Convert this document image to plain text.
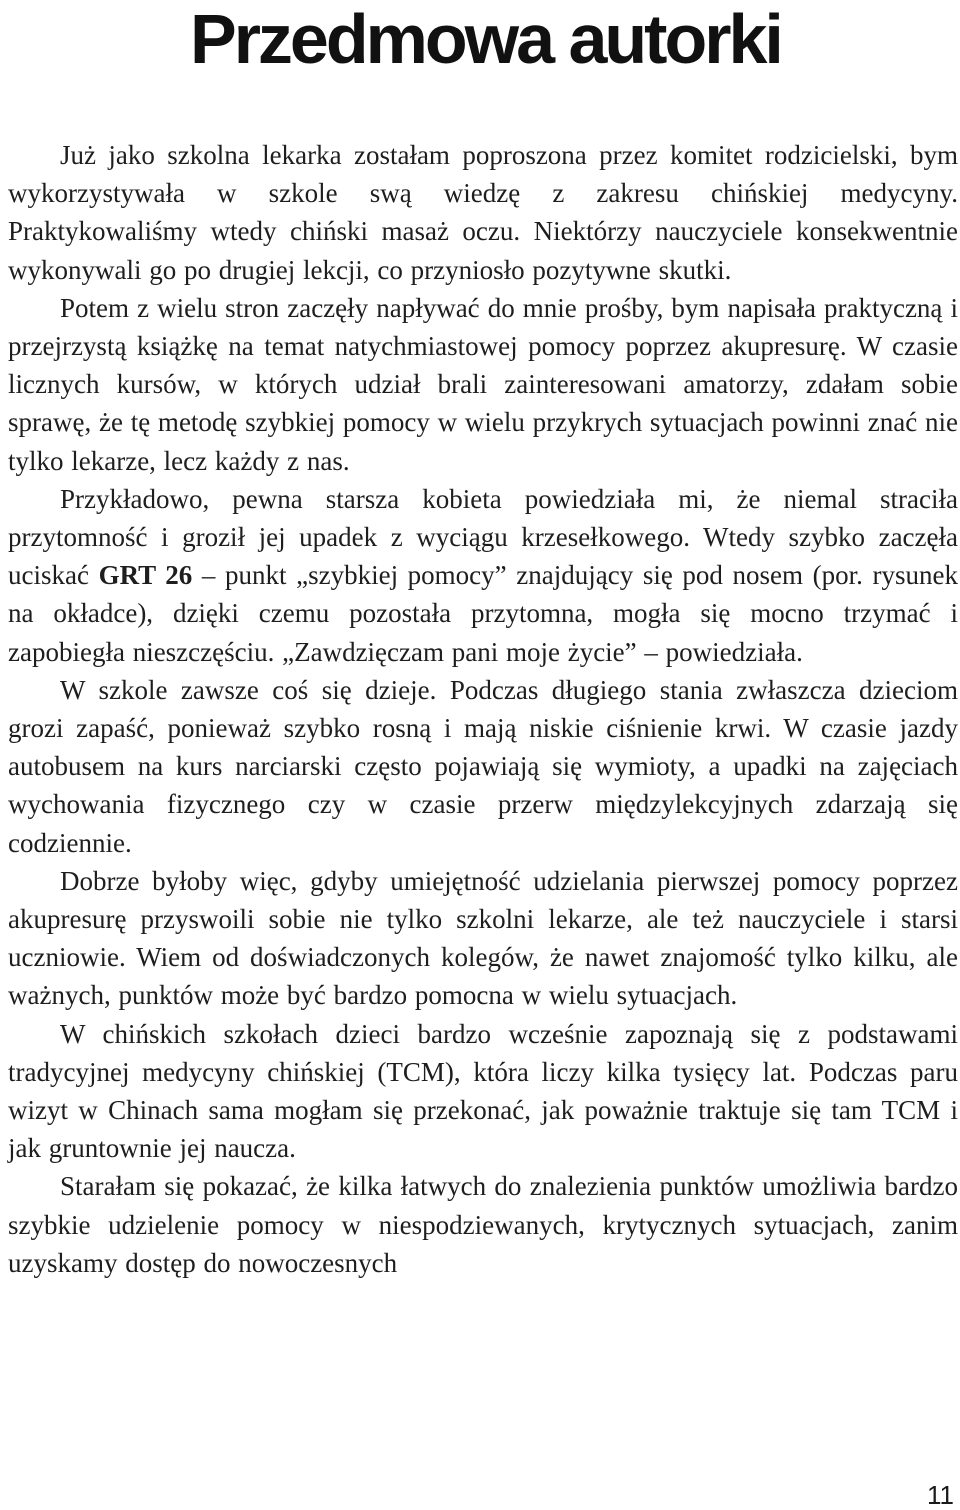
Przedmowa autorki

Już jako szkolna lekarka zostałam poproszona przez komitet rodzicielski, bym wykorzystywała w szkole swą wiedzę z zakresu chińskiej medycyny. Praktykowaliśmy wtedy chiński masaż oczu. Niektórzy nauczyciele konsekwentnie wykonywali go po drugiej lekcji, co przyniosło pozytywne skutki.

Potem z wielu stron zaczęły napływać do mnie prośby, bym napisała praktyczną i przejrzystą książkę na temat natychmiastowej pomocy poprzez akupresurę. W czasie licznych kursów, w których udział brali zainteresowani amatorzy, zdałam sobie sprawę, że tę metodę szybkiej pomocy w wielu przykrych sytuacjach powinni znać nie tylko lekarze, lecz każdy z nas.

Przykładowo, pewna starsza kobieta powiedziała mi, że niemal straciła przytomność i groził jej upadek z wyciągu krzesełkowego. Wtedy szybko zaczęła uciskać GRT 26 – punkt „szybkiej pomocy” znajdujący się pod nosem (por. rysunek na okładce), dzięki czemu pozostała przytomna, mogła się mocno trzymać i zapobiegła nieszczęściu. „Zawdzięczam pani moje życie” – powiedziała.

W szkole zawsze coś się dzieje. Podczas długiego stania zwłaszcza dzieciom grozi zapaść, ponieważ szybko rosną i mają niskie ciśnienie krwi. W czasie jazdy autobusem na kurs narciarski często pojawiają się wymioty, a upadki na zajęciach wychowania fizycznego czy w czasie przerw międzylekcyjnych zdarzają się codziennie.

Dobrze byłoby więc, gdyby umiejętność udzielania pierwszej pomocy poprzez akupresurę przyswoili sobie nie tylko szkolni lekarze, ale też nauczyciele i starsi uczniowie. Wiem od doświadczonych kolegów, że nawet znajomość tylko kilku, ale ważnych, punktów może być bardzo pomocna w wielu sytuacjach.

W chińskich szkołach dzieci bardzo wcześnie zapoznają się z podstawami tradycyjnej medycyny chińskiej (TCM), która liczy kilka tysięcy lat. Podczas paru wizyt w Chinach sama mogłam się przekonać, jak poważnie traktuje się tam TCM i jak gruntownie jej naucza.

Starałam się pokazać, że kilka łatwych do znalezienia punktów umożliwia bardzo szybkie udzielenie pomocy w niespodziewanych, krytycznych sytuacjach, zanim uzyskamy dostęp do nowoczesnych

11
